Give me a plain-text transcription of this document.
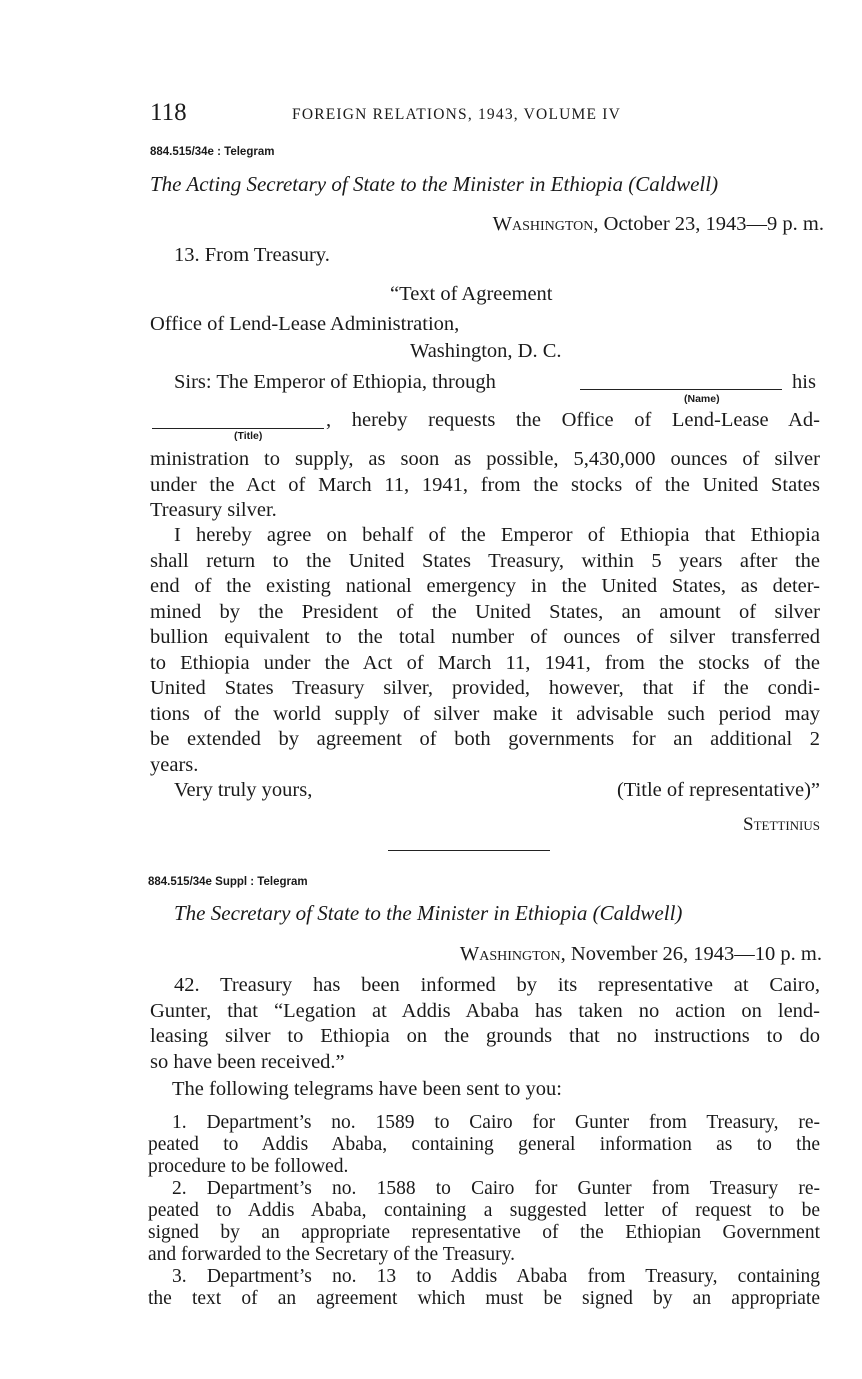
118	FOREIGN RELATIONS, 1943, VOLUME IV
884.515/34e : Telegram
The Acting Secretary of State to the Minister in Ethiopia (Caldwell)
Washington, October 23, 1943—9 p. m.
13. From Treasury.
“Text of Agreement
Office of Lend-Lease Administration,
Washington, D. C.
Sirs: The Emperor of Ethiopia, through	his
(Name)
(Title)
, hereby requests the Office of Lend-Lease Ad-
ministration to supply, as soon as possible, 5,430,000 ounces of silver
under the Act of March 11, 1941, from the stocks of the United States
Treasury silver.
I hereby agree on behalf of the Emperor of Ethiopia that Ethiopia
shall return to the United States Treasury, within 5 years after the
end of the existing national emergency in the United States, as deter-
mined by the President of the United States, an amount of silver
bullion equivalent to the total number of ounces of silver transferred
to Ethiopia under the Act of March 11, 1941, from the stocks of the
United States Treasury silver, provided, however, that if the condi-
tions of the world supply of silver make it advisable such period may
be extended by agreement of both governments for an additional 2
years.
Very truly yours,	(Title of representative)”
Stettinius
884.515/34e Suppl : Telegram
The Secretary of State to the Minister in Ethiopia (Caldwell)
Washington, November 26, 1943—10 p. m.
42. Treasury has been informed by its representative at Cairo,
Gunter, that “Legation at Addis Ababa has taken no action on lend-
leasing silver to Ethiopia on the grounds that no instructions to do
so have been received.”
The following telegrams have been sent to you:
1. Department’s no. 1589 to Cairo for Gunter from Treasury, re-
peated to Addis Ababa, containing general information as to the
procedure to be followed.
2. Department’s no. 1588 to Cairo for Gunter from Treasury re-
peated to Addis Ababa, containing a suggested letter of request to be
signed by an appropriate representative of the Ethiopian Government
and forwarded to the Secretary of the Treasury.
3. Department’s no. 13 to Addis Ababa from Treasury, containing
the text of an agreement which must be signed by an appropriate
